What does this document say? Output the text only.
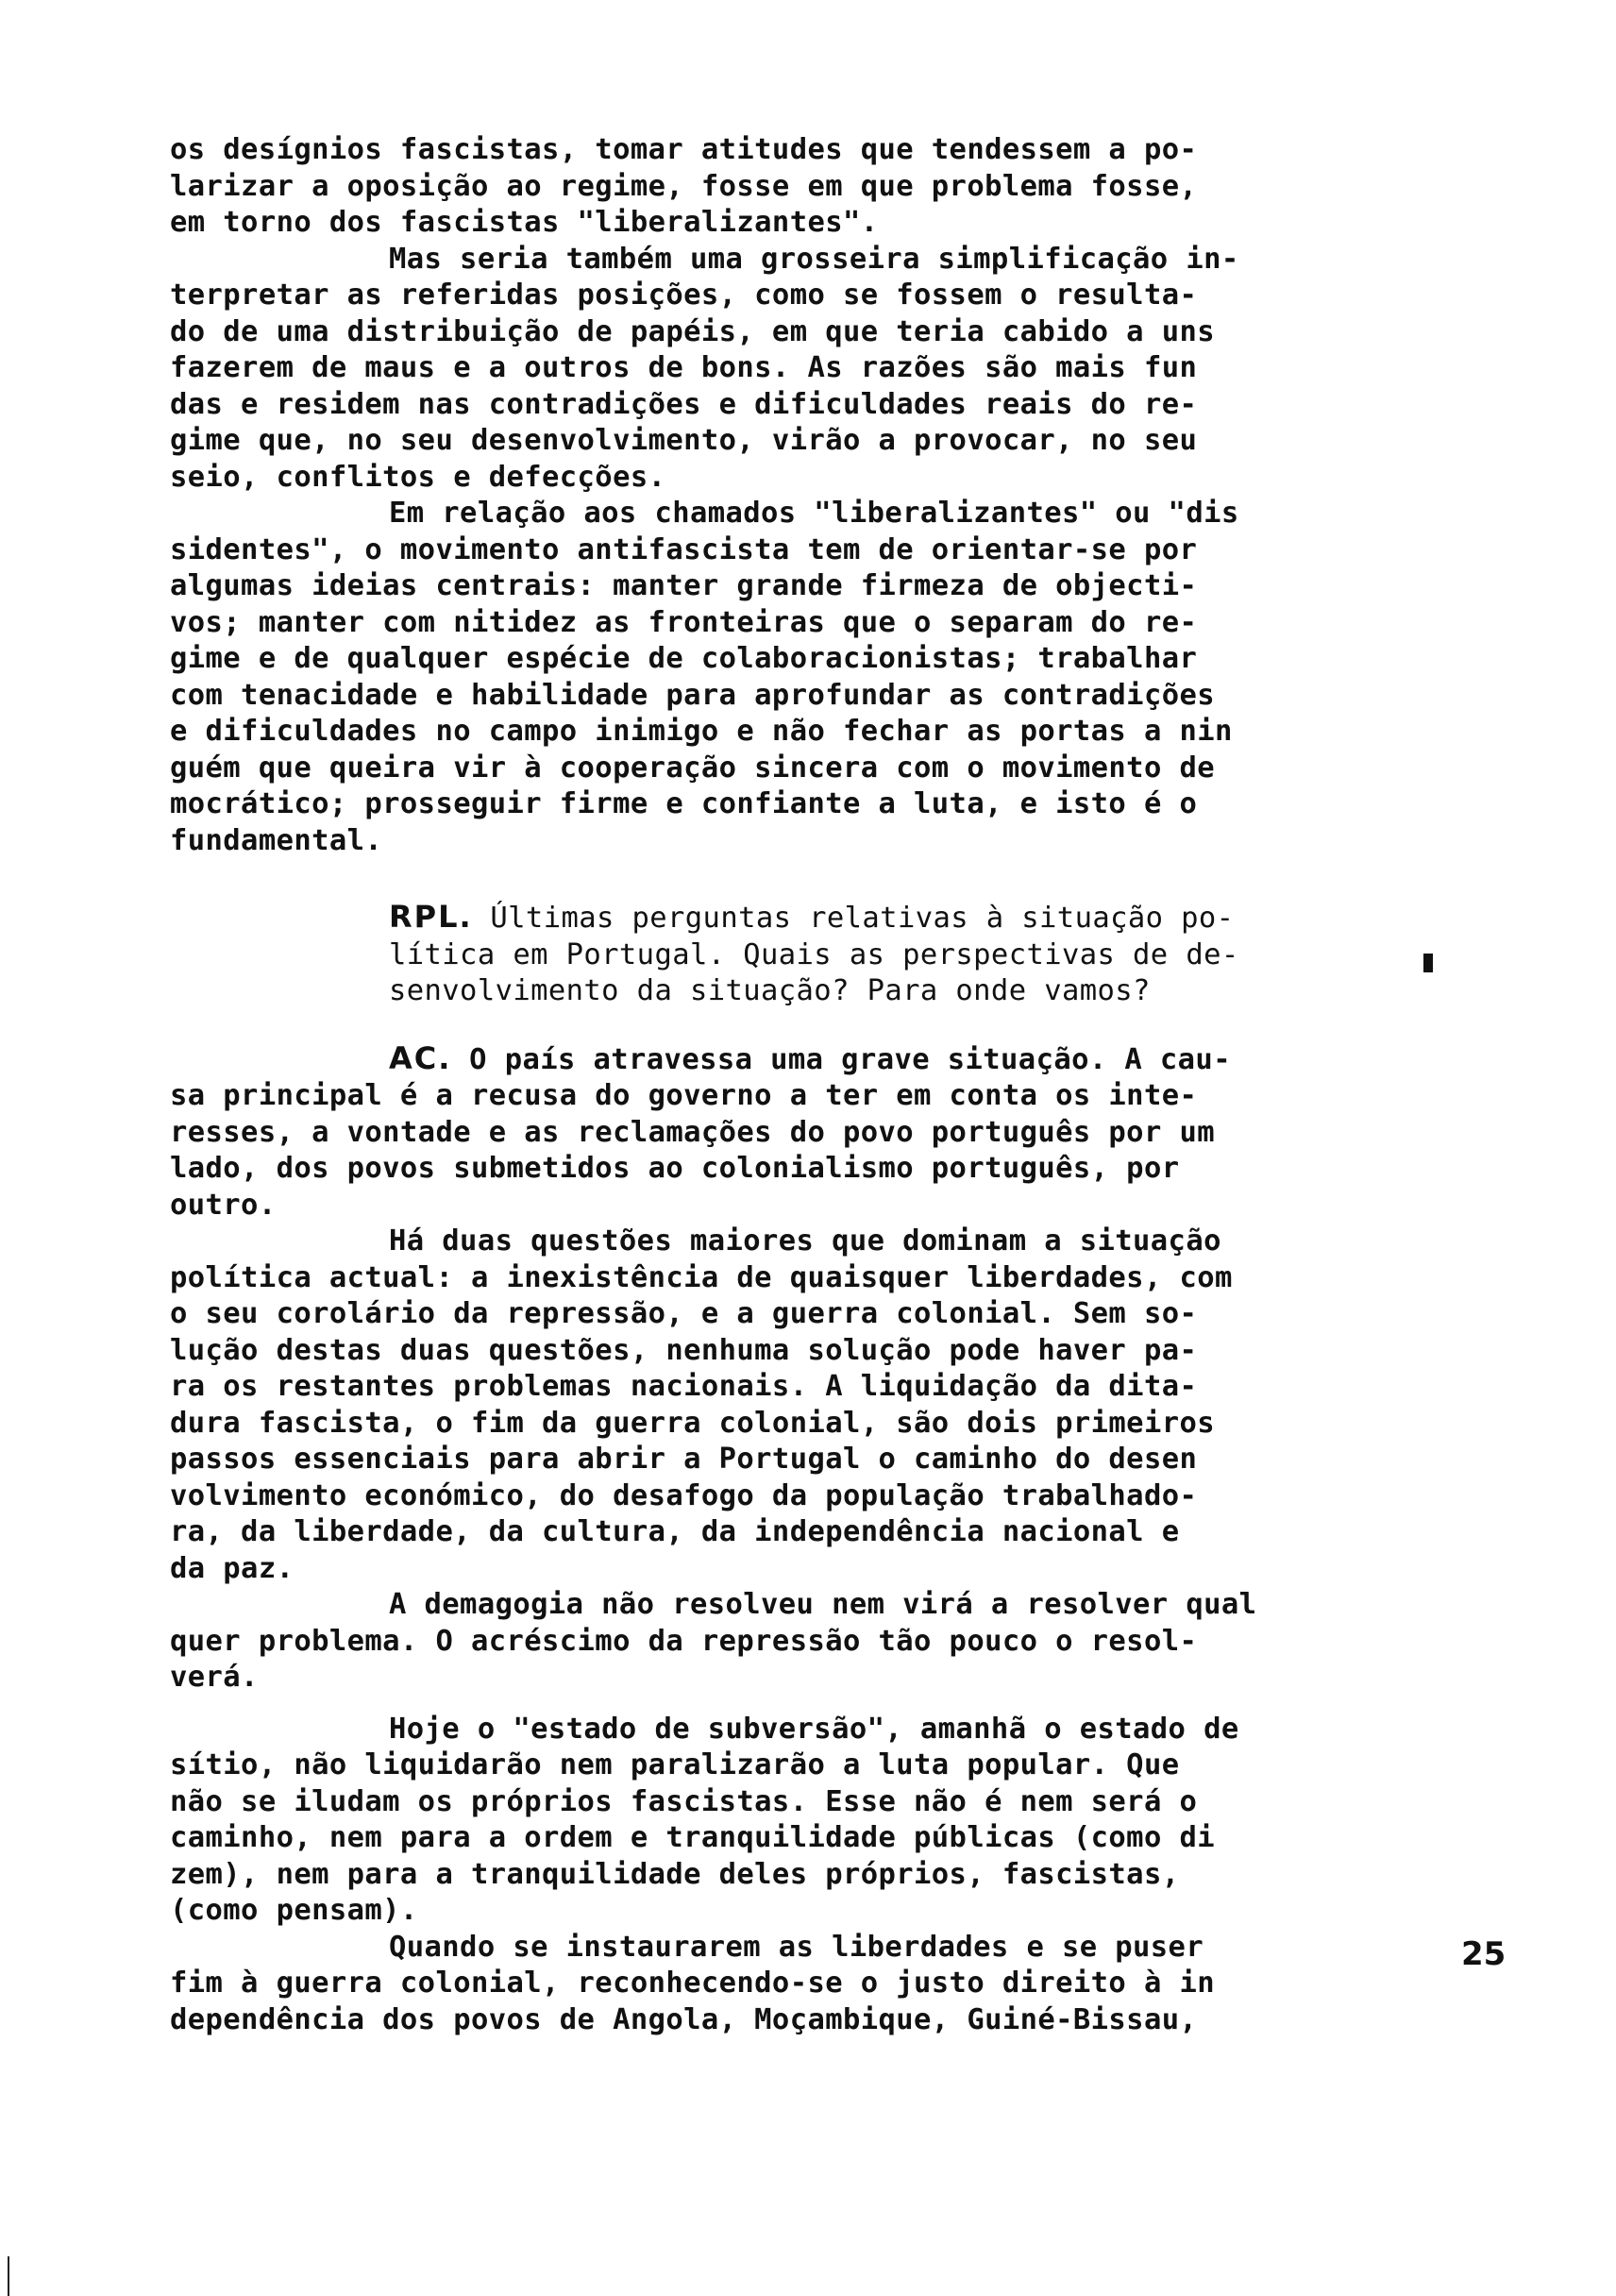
os desígnios fascistas, tomar atitudes que tendessem a po-
larizar a oposição ao regime, fosse em que problema fosse,
em torno dos fascistas "liberalizantes".
Mas seria também uma grosseira simplificação in-
terpretar as referidas posições, como se fossem o resulta-
do de uma distribuição de papéis, em que teria cabido a uns
fazerem de maus e a outros de bons. As razões são mais fun
das e residem nas contradições e dificuldades reais do re-
gime que, no seu desenvolvimento, virão a provocar, no seu
seio, conflitos e defecções.
Em relação aos chamados "liberalizantes" ou "dis
sidentes", o movimento antifascista tem de orientar-se por
algumas ideias centrais: manter grande firmeza de objecti-
vos; manter com nitidez as fronteiras que o separam do re-
gime e de qualquer espécie de colaboracionistas; trabalhar
com tenacidade e habilidade para aprofundar as contradições
e dificuldades no campo inimigo e não fechar as portas a nin
guém que queira vir à cooperação sincera com o movimento de
mocrático; prosseguir firme e confiante a luta, e isto é o
fundamental.
RPL. Últimas perguntas relativas à situação po-
lítica em Portugal. Quais as perspectivas de de-
senvolvimento da situação? Para onde vamos?
AC. O país atravessa uma grave situação. A cau-
sa principal é a recusa do governo a ter em conta os inte-
resses, a vontade e as reclamações do povo português por um
lado, dos povos submetidos ao colonialismo português, por
outro.
Há duas questões maiores que dominam a situação
política actual: a inexistência de quaisquer liberdades, com
o seu corolário da repressão, e a guerra colonial. Sem so-
lução destas duas questões, nenhuma solução pode haver pa-
ra os restantes problemas nacionais. A liquidação da dita-
dura fascista, o fim da guerra colonial, são dois primeiros
passos essenciais para abrir a Portugal o caminho do desen
volvimento económico, do desafogo da população trabalhado-
ra, da liberdade, da cultura, da independência nacional e
da paz.
A demagogia não resolveu nem virá a resolver qual
quer problema. O acréscimo da repressão tão pouco o resol-
verá.
Hoje o "estado de subversão", amanhã o estado de
sítio, não liquidarão nem paralizarão a luta popular. Que
não se iludam os próprios fascistas. Esse não é nem será o
caminho, nem para a ordem e tranquilidade públicas (como di
zem), nem para a tranquilidade deles próprios, fascistas,
(como pensam).
Quando se instaurarem as liberdades e se puser
fim à guerra colonial, reconhecendo-se o justo direito à in
dependência dos povos de Angola, Moçambique, Guiné-Bissau,
25
